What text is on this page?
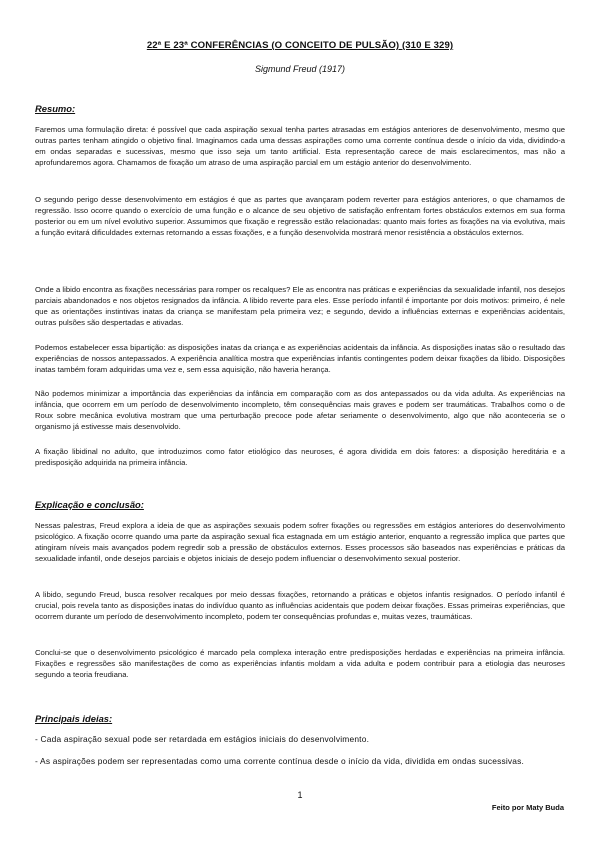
22ª E 23ª CONFERÊNCIAS (O CONCEITO DE PULSÃO) (310 E 329)
Sigmund Freud (1917)
Resumo:

Faremos uma formulação direta: é possível que cada aspiração sexual tenha partes atrasadas em estágios anteriores de desenvolvimento, mesmo que outras partes tenham atingido o objetivo final. Imaginamos cada uma dessas aspirações como uma corrente contínua desde o início da vida, dividindo-a em ondas separadas e sucessivas, mesmo que isso seja um tanto artificial. Esta representação carece de mais esclarecimentos, mas não a aprofundaremos agora. Chamamos de fixação um atraso de uma aspiração parcial em um estágio anterior do desenvolvimento.

O segundo perigo desse desenvolvimento em estágios é que as partes que avançaram podem reverter para estágios anteriores, o que chamamos de regressão. Isso ocorre quando o exercício de uma função e o alcance de seu objetivo de satisfação enfrentam fortes obstáculos externos em sua forma posterior ou em um nível evolutivo superior. Assumimos que fixação e regressão estão relacionadas: quanto mais fortes as fixações na via evolutiva, mais a função evitará dificuldades externas retornando a essas fixações, e a função desenvolvida mostrará menor resistência a obstáculos externos.

Onde a libido encontra as fixações necessárias para romper os recalques? Ele as encontra nas práticas e experiências da sexualidade infantil, nos desejos parciais abandonados e nos objetos resignados da infância. A libido reverte para eles. Esse período infantil é importante por dois motivos: primeiro, é nele que as orientações instintivas inatas da criança se manifestam pela primeira vez; e segundo, devido a influências externas e experiências acidentais, outras pulsões são despertadas e ativadas.

Podemos estabelecer essa bipartição: as disposições inatas da criança e as experiências acidentais da infância. As disposições inatas são o resultado das experiências de nossos antepassados. A experiência analítica mostra que experiências infantis contingentes podem deixar fixações da libido. Disposições inatas também foram adquiridas uma vez e, sem essa aquisição, não haveria herança.

Não podemos minimizar a importância das experiências da infância em comparação com as dos antepassados ou da vida adulta. As experiências na infância, que ocorrem em um período de desenvolvimento incompleto, têm consequências mais graves e podem ser traumáticas. Trabalhos como o de Roux sobre mecânica evolutiva mostram que uma perturbação precoce pode afetar seriamente o desenvolvimento, algo que não aconteceria se o organismo já estivesse mais desenvolvido.

A fixação libidinal no adulto, que introduzimos como fator etiológico das neuroses, é agora dividida em dois fatores: a disposição hereditária e a predisposição adquirida na primeira infância.

Explicação e conclusão:

Nessas palestras, Freud explora a ideia de que as aspirações sexuais podem sofrer fixações ou regressões em estágios anteriores do desenvolvimento psicológico. A fixação ocorre quando uma parte da aspiração sexual fica estagnada em um estágio anterior, enquanto a regressão implica que partes que atingiram níveis mais avançados podem regredir sob a pressão de obstáculos externos. Esses processos são baseados nas experiências e práticas da sexualidade infantil, onde desejos parciais e objetos iniciais de desejo podem influenciar o desenvolvimento sexual posterior.

A libido, segundo Freud, busca resolver recalques por meio dessas fixações, retornando a práticas e objetos infantis resignados. O período infantil é crucial, pois revela tanto as disposições inatas do indivíduo quanto as influências acidentais que podem deixar fixações. Essas primeiras experiências, que ocorrem durante um período de desenvolvimento incompleto, podem ter consequências profundas e, muitas vezes, traumáticas.

Conclui-se que o desenvolvimento psicológico é marcado pela complexa interação entre predisposições herdadas e experiências na primeira infância. Fixações e regressões são manifestações de como as experiências infantis moldam a vida adulta e podem contribuir para a etiologia das neuroses segundo a teoria freudiana.

Principais ideias:

- Cada aspiração sexual pode ser retardada em estágios iniciais do desenvolvimento.

- As aspirações podem ser representadas como uma corrente contínua desde o início da vida, dividida em ondas sucessivas.

1
Feito por Maty Buda
